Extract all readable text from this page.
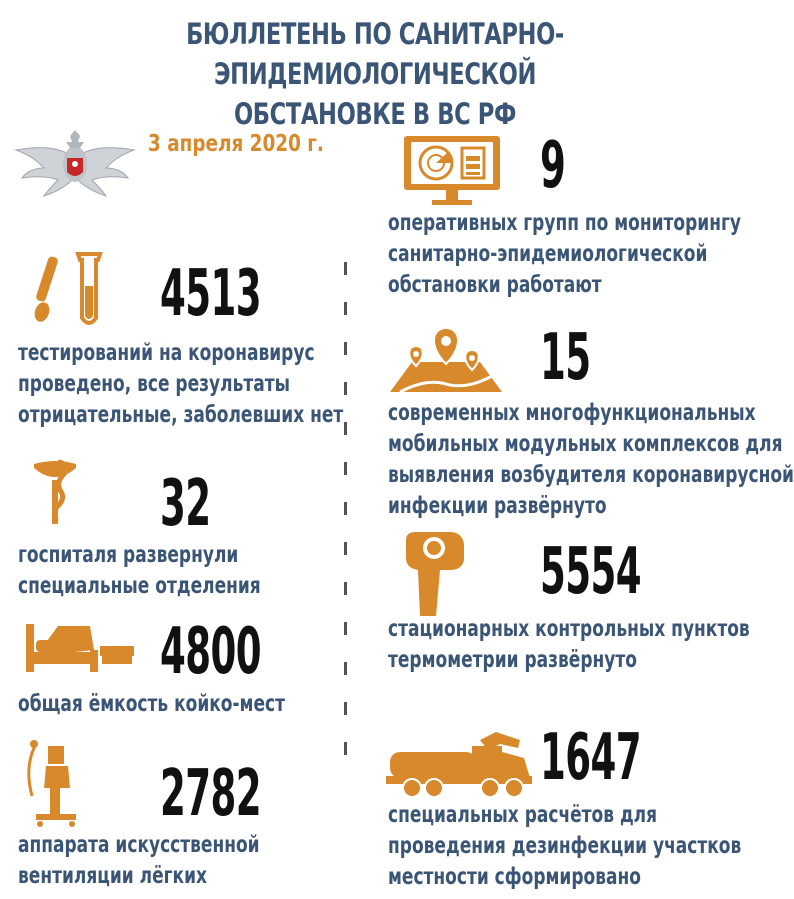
БЮЛЛЕТЕНЬ ПО САНИТАРНО-ЭПИДЕМИОЛОГИЧЕСКОЙ
ОБСТАНОВКЕ В ВС РФ
3 апреля 2020 г.
4513
тестирований на коронавирус
проведено, все результаты
отрицательные, заболевших нет
32
госпиталя развернули
специальные отделения
4800
общая ёмкость койко-мест
2782
аппарата искусственной
вентиляции лёгких
9
оперативных групп по мониторингу
санитарно-эпидемиологической
обстановки работают
15
современных многофункциональных
мобильных модульных комплексов для
выявления возбудителя коронавирусной
инфекции развёрнуто
5554
стационарных контрольных пунктов
термометрии развёрнуто
1647
специальных расчётов для
проведения дезинфекции участков
местности сформировано
